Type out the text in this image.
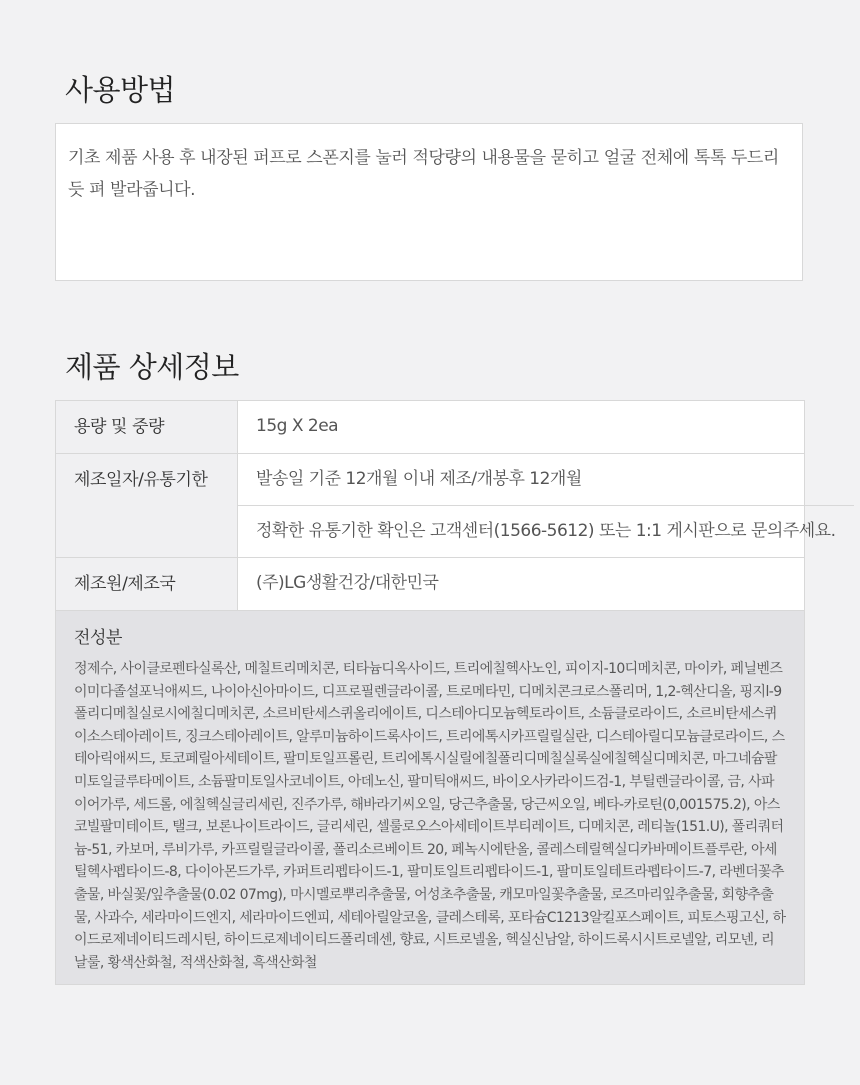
사용방법
기초 제품 사용 후 내장된 퍼프로 스폰지를 눌러 적당량의 내용물을 묻히고 얼굴 전체에 톡톡 두드리듯 펴 발라줍니다.
제품 상세정보
용량 및 중량	15g X 2ea
제조일자/유통기한	발송일 기준 12개월 이내 제조/개봉후 12개월
정확한 유통기한 확인은 고객센터(1566-5612) 또는 1:1 게시판으로 문의주세요.
제조원/제조국	(주)LG생활건강/대한민국
전성분
정제수, 사이클로펜타실록산, 메칠트리메치콘, 티타늄디옥사이드, 트리에칠헥사노인, 피이지-10디메치콘, 마이카, 페닐벤즈이미다졸설포닉애씨드, 나이아신아마이드, 디프로필렌글라이콜, 트로메타민, 디메치콘크로스폴리머, 1,2-헥산디올, 핑지l-9폴리디메칠실로시에칠디메치콘, 소르비탄세스퀴올리에이트, 디스테아디모늄헥토라이트, 소듐클로라이드, 소르비탄세스퀴이소스테아레이트, 징크스테아레이트, 알루미늄하이드록사이드, 트리에톡시카프릴릴실란, 디스테아릴디모늄클로라이드, 스테아릭애씨드, 토코페릴아세테이트, 팔미토일프롤린, 트리에톡시실릴에칠폴리디메칠실록실에칠헥실디메치콘, 마그네슘팔미토일글루타메이트, 소듐팔미토일사코네이트, 아데노신, 팔미틱애씨드, 바이오사카라이드검-1, 부틸렌글라이콜, 금, 사파이어가루, 세드롤, 에칠헥실글리세린, 진주가루, 해바라기씨오일, 당근추출물, 당근씨오일, 베타-카로틴(0,001575.2), 아스코빌팔미테이트, 탤크, 보론나이트라이드, 글리세린, 셀룰로오스아세테이트부티레이트, 디메치콘, 레티놀(151.U), 폴리쿼터늄-51, 카보머, 루비가루, 카프릴릴글라이콜, 폴리소르베이트 20, 페녹시에탄올, 콜레스테릴헥실디카바메이트플루란, 아세틸헥사펩타이드-8, 다이아몬드가루, 카퍼트리펩타이드-1, 팔미토일트리펩타이드-1, 팔미토일테트라펩타이드-7, 라벤더꽃추출물, 바실꽃/잎추출물(0.02 07mg), 마시멜로뿌리추출물, 어성초추출물, 캐모마일꽃추출물, 로즈마리잎추출물, 회향추출물, 사과수, 세라마이드엔지, 세라마이드엔피, 세테아릴알코올, 클레스테록, 포타슘C1213알킬포스페이트, 피토스핑고신, 하이드로제네이티드레시틴, 하이드로제네이티드폴리데센, 향료, 시트로넬올, 헥실신남알, 하이드록시시트로넬알, 리모넨, 리날룰, 황색산화철, 적색산화철, 흑색산화철
